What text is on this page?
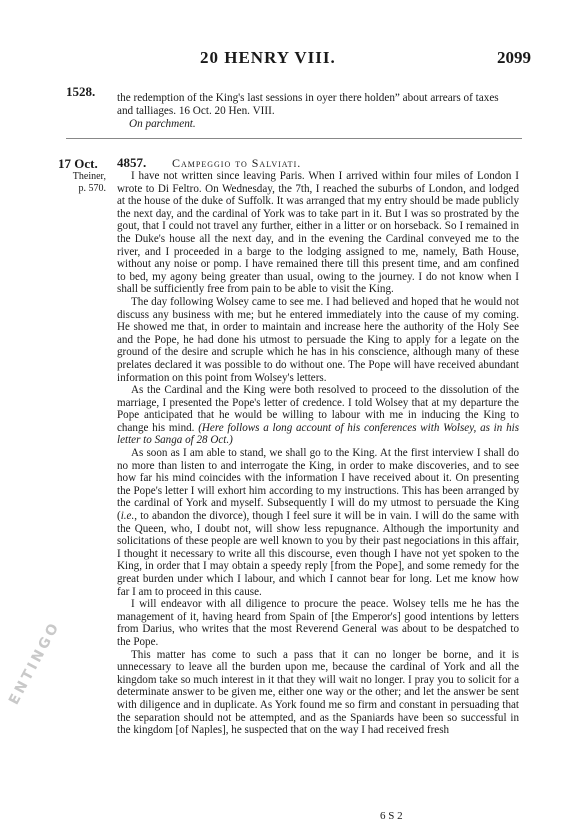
20 HENRY VIII.	2099
1528. the redemption of the King's last sessions in oyer there holden” about arrears of taxes and talliages. 16 Oct. 20 Hen. VIII.

On parchment.

17 Oct.
Theiner,
p. 570.
4857. Campeggio to Salviati.

I have not written since leaving Paris. When I arrived within four miles of London I wrote to Di Feltro. On Wednesday, the 7th, I reached the suburbs of London, and lodged at the house of the duke of Suffolk. It was arranged that my entry should be made publicly the next day, and the cardinal of York was to take part in it. But I was so prostrated by the gout, that I could not travel any further, either in a litter or on horseback. So I remained in the Duke's house all the next day, and in the evening the Cardinal conveyed me to the river, and I proceeded in a barge to the lodging assigned to me, namely, Bath House, without any noise or pomp. I have remained there till this present time, and am confined to bed, my agony being greater than usual, owing to the journey. I do not know when I shall be sufficiently free from pain to be able to visit the King.

The day following Wolsey came to see me. I had believed and hoped that he would not discuss any business with me; but he entered immediately into the cause of my coming. He showed me that, in order to maintain and increase here the authority of the Holy See and the Pope, he had done his utmost to persuade the King to apply for a legate on the ground of the desire and scruple which he has in his conscience, although many of these prelates declared it was possible to do without one. The Pope will have received abundant information on this point from Wolsey's letters.

As the Cardinal and the King were both resolved to proceed to the dissolution of the marriage, I presented the Pope's letter of credence. I told Wolsey that at my departure the Pope anticipated that he would be willing to labour with me in inducing the King to change his mind. (Here follows a long account of his conferences with Wolsey, as in his letter to Sanga of 28 Oct.)

As soon as I am able to stand, we shall go to the King. At the first interview I shall do no more than listen to and interrogate the King, in order to make discoveries, and to see how far his mind coincides with the information I have received about it. On presenting the Pope's letter I will exhort him according to my instructions. This has been arranged by the cardinal of York and myself. Subsequently I will do my utmost to persuade the King (i.e., to abandon the divorce), though I feel sure it will be in vain. I will do the same with the Queen, who, I doubt not, will show less repugnance. Although the importunity and solicitations of these people are well known to you by their past negociations in this affair, I thought it necessary to write all this discourse, even though I have not yet spoken to the King, in order that I may obtain a speedy reply [from the Pope], and some remedy for the great burden under which I labour, and which I cannot bear for long. Let me know how far I am to proceed in this cause.

I will endeavor with all diligence to procure the peace. Wolsey tells me he has the management of it, having heard from Spain of [the Emperor's] good intentions by letters from Darius, who writes that the most Reverend General was about to be despatched to the Pope.

This matter has come to such a pass that it can no longer be borne, and it is unnecessary to leave all the burden upon me, because the cardinal of York and all the kingdom take so much interest in it that they will wait no longer. I pray you to solicit for a determinate answer to be given me, either one way or the other; and let the answer be sent with diligence and in duplicate. As York found me so firm and constant in persuading that the separation should not be attempted, and as the Spaniards have been so successful in the kingdom [of Naples], he suspected that on the way I had received fresh

6 S 2
ENTINGO
